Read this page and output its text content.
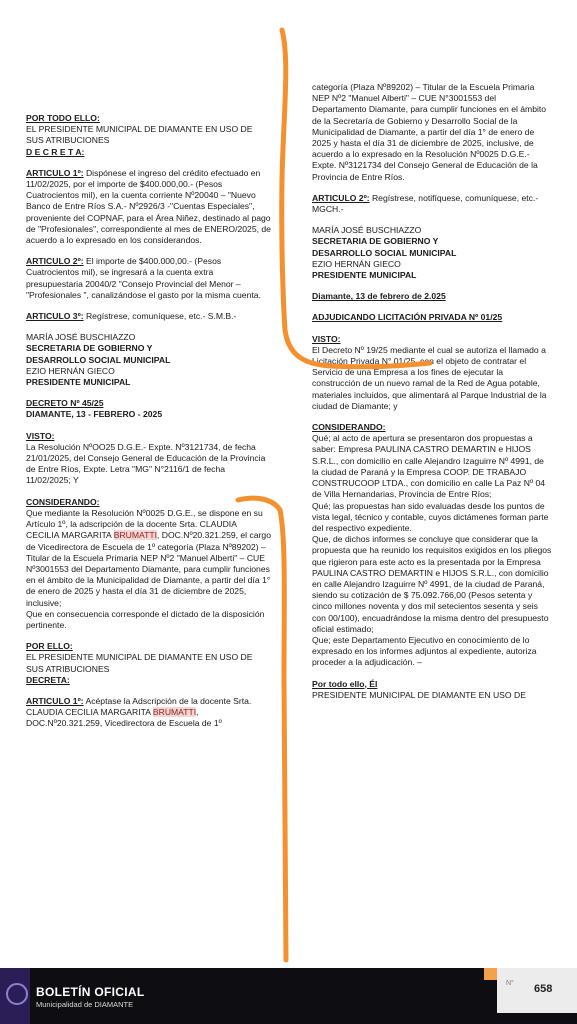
POR TODO ELLO:

EL PRESIDENTE MUNICIPAL DE DIAMANTE EN USO DE SUS ATRIBUCIONES

D E C R E T A:

ARTICULO 1º: Dispónese el ingreso del crédito efectuado en 11/02/2025, por el importe de $400.000,00.- (Pesos Cuatrocientos mil), en la cuenta corriente Nº20040 – "Nuevo Banco de Entre Ríos S.A.- Nº2926/3 -"Cuentas Especiales", proveniente del COPNAF, para el Área Niñez, destinado al pago de "Profesionales", correspondiente al mes de ENERO/2025, de acuerdo a lo expresado en los considerandos.

ARTICULO 2º: El importe de $400.000,00.- (Pesos Cuatrocientos mil), se ingresará a la cuenta extra presupuestaria 20040/2 "Consejo Provincial del Menor – "Profesionales ", canalizándose el gasto por la misma cuenta.

ARTICULO 3º: Regístrese, comuníquese, etc.- S.M.B.-

MARÍA JOSÉ BUSCHIAZZO

SECRETARIA DE GOBIERNO Y

DESARROLLO SOCIAL MUNICIPAL

EZIO HERNÁN GIECO

PRESIDENTE MUNICIPAL

DECRETO Nº 45/25

DIAMANTE, 13 - FEBRERO - 2025

VISTO:

La Resolución NºOO25 D.G.E.- Expte. Nº3121734, de fecha 21/01/2025, del Consejo General de Educación de la Provincia de Entre Ríos, Expte. Letra "MG" N°2116/1 de fecha 11/02/2025; Y

CONSIDERANDO:

Que mediante la Resolución Nº0025 D.G.E., se dispone en su Artículo 1º, la adscripción de la docente Srta. CLAUDIA CECILIA MARGARITA BRUMATTI, DOC.Nº20.321.259, el cargo de Vicedirectora de Escuela de 1º categoría (Plaza Nº89202) – Titular de la Escuela Primaria NEP Nº2 "Manuel Alberti" – CUE Nº3001553 del Departamento Diamante, para cumplir funciones en el ámbito de la Municipalidad de Diamante, a partir del día 1° de enero de 2025 y hasta el día 31 de diciembre de 2025, inclusive;

Que en consecuencia corresponde el dictado de la disposición pertinente.

POR ELLO:

EL PRESIDENTE MUNICIPAL DE DIAMANTE EN USO DE SUS ATRIBUCIONES

DECRETA:

ARTICULO 1º: Acéptase la Adscripción de la docente Srta. CLAUDIA CECILIA MARGARITA BRUMATTI, DOC.Nº20.321.259, Vicedirectora de Escuela de 1º

categoría (Plaza Nº89202) – Titular de la Escuela Primaria NEP Nº2 "Manuel Alberti" – CUE N°3001553 del Departamento Diamante, para cumplir funciones en el ámbito de la Secretaría de Gobierno y Desarrollo Social de la Municipalidad de Diamante, a partir del día 1° de enero de 2025 y hasta el día 31 de diciembre de 2025, inclusive, de acuerdo a lo expresado en la Resolución Nº0025 D.G.E.- Expte. Nº3121734 del Consejo General de Educación de la Provincia de Entre Ríos.

ARTICULO 2º: Regístrese, notifíquese, comuníquese, etc.-

MGCH.-

MARÍA JOSÉ BUSCHIAZZO

SECRETARIA DE GOBIERNO Y

DESARROLLO SOCIAL MUNICIPAL

EZIO HERNÁN GIECO

PRESIDENTE MUNICIPAL

Diamante, 13 de febrero de 2.025

ADJUDICANDO LICITACIÓN PRIVADA Nº 01/25

VISTO:

El Decreto Nº 19/25 mediante el cual se autoriza el llamado a Licitación Privada N° 01/25, con el objeto de contratar el Servicio de una Empresa a los fines de ejecutar la construcción de un nuevo ramal de la Red de Agua potable, materiales incluidos, que alimentará al Parque Industrial de la ciudad de Diamante; y

CONSIDERANDO:

Qué; al acto de apertura se presentaron dos propuestas a saber: Empresa PAULINA CASTRO DEMARTIN e HIJOS S.R.L., con domicilio en calle Alejandro Izaguirre Nº 4991, de la ciudad de Paraná y la Empresa COOP. DE TRABAJO CONSTRUCOOP LTDA., con domicilio en calle La Paz Nº 04 de Villa Hernandarias, Provincia de Entre Ríos;

Qué; las propuestas han sido evaluadas desde los puntos de vista legal, técnico y contable, cuyos dictámenes forman parte del respectivo expediente.

Que, de dichos informes se concluye que considerar que la propuesta que ha reunido los requisitos exigidos en los pliegos que rigieron para este acto es la presentada por la Empresa PAULINA CASTRO DEMARTIN e HIJOS S.R.L., con domicilio en calle Alejandro Izaguirre Nº 4991, de la ciudad de Paraná, siendo su cotización de $ 75.092.766,00 (Pesos setenta y cinco millones noventa y dos mil setecientos sesenta y seis con 00/100), encuadrándose la misma dentro del presupuesto oficial estimado;

Que; este Departamento Ejecutivo en conocimiento de lo expresado en los informes adjuntos al expediente, autoriza proceder a la adjudicación. –

Por todo ello, Él

PRESIDENTE MUNICIPAL DE DIAMANTE EN USO DE

BOLETÍN OFICIAL
Municipalidad de DIAMANTE
N° 658
